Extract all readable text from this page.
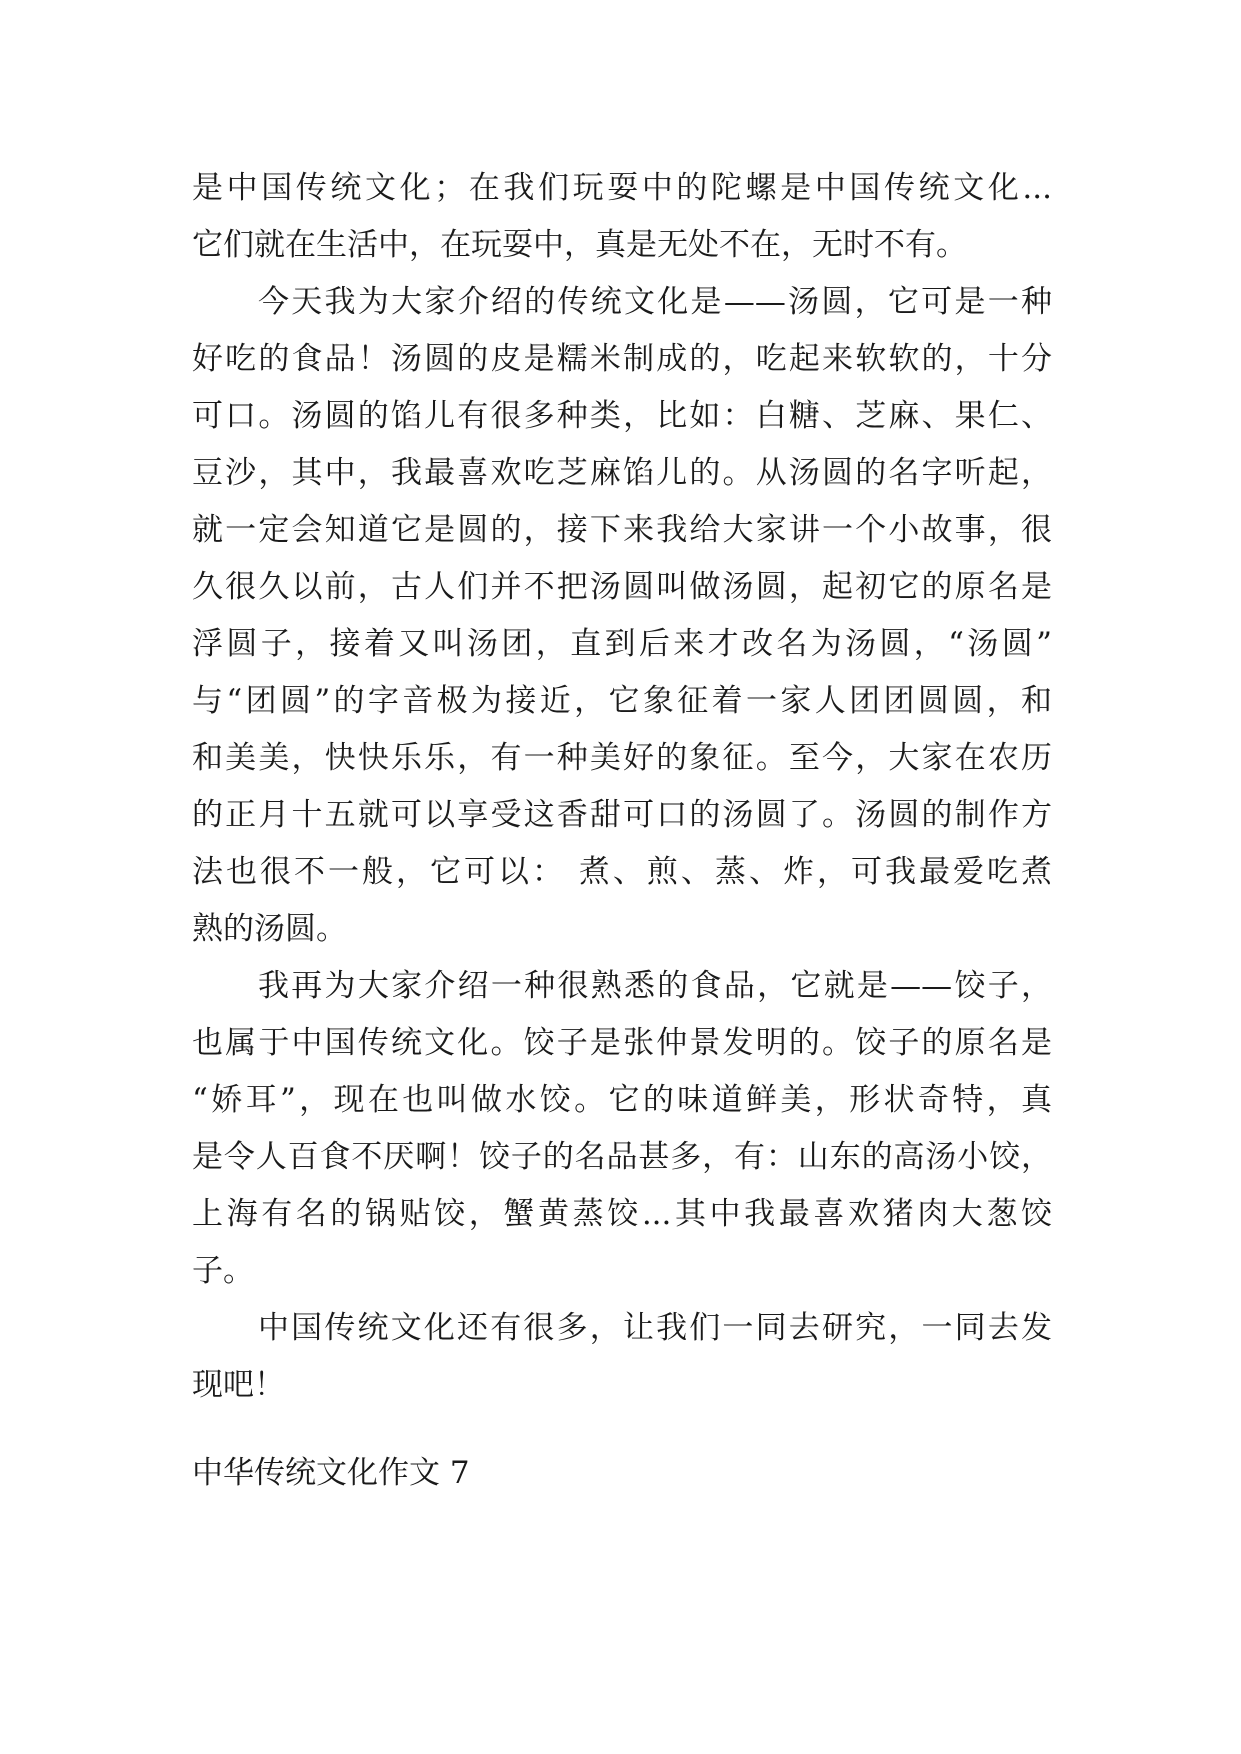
是中国传统文化；在我们玩耍中的陀螺是中国传统文化...
它们就在生活中，在玩耍中，真是无处不在，无时不有。
今天我为大家介绍的传统文化是——汤圆，它可是一种
好吃的食品！汤圆的皮是糯米制成的，吃起来软软的，十分
可口。汤圆的馅儿有很多种类，比如：白糖、芝麻、果仁、
豆沙，其中，我最喜欢吃芝麻馅儿的。从汤圆的名字听起，
就一定会知道它是圆的，接下来我给大家讲一个小故事，很
久很久以前，古人们并不把汤圆叫做汤圆，起初它的原名是
浮圆子，接着又叫汤团，直到后来才改名为汤圆，“汤圆”
与“团圆”的字音极为接近，它象征着一家人团团圆圆，和
和美美，快快乐乐，有一种美好的象征。至今，大家在农历
的正月十五就可以享受这香甜可口的汤圆了。汤圆的制作方
法也很不一般，它可以： 煮、煎、蒸、炸，可我最爱吃煮
熟的汤圆。
我再为大家介绍一种很熟悉的食品，它就是——饺子，
也属于中国传统文化。饺子是张仲景发明的。饺子的原名是
“娇耳”，现在也叫做水饺。它的味道鲜美，形状奇特，真
是令人百食不厌啊！饺子的名品甚多，有：山东的高汤小饺，
上海有名的锅贴饺，蟹黄蒸饺...其中我最喜欢猪肉大葱饺
子。
中国传统文化还有很多，让我们一同去研究，一同去发
现吧！
中华传统文化作文 7
